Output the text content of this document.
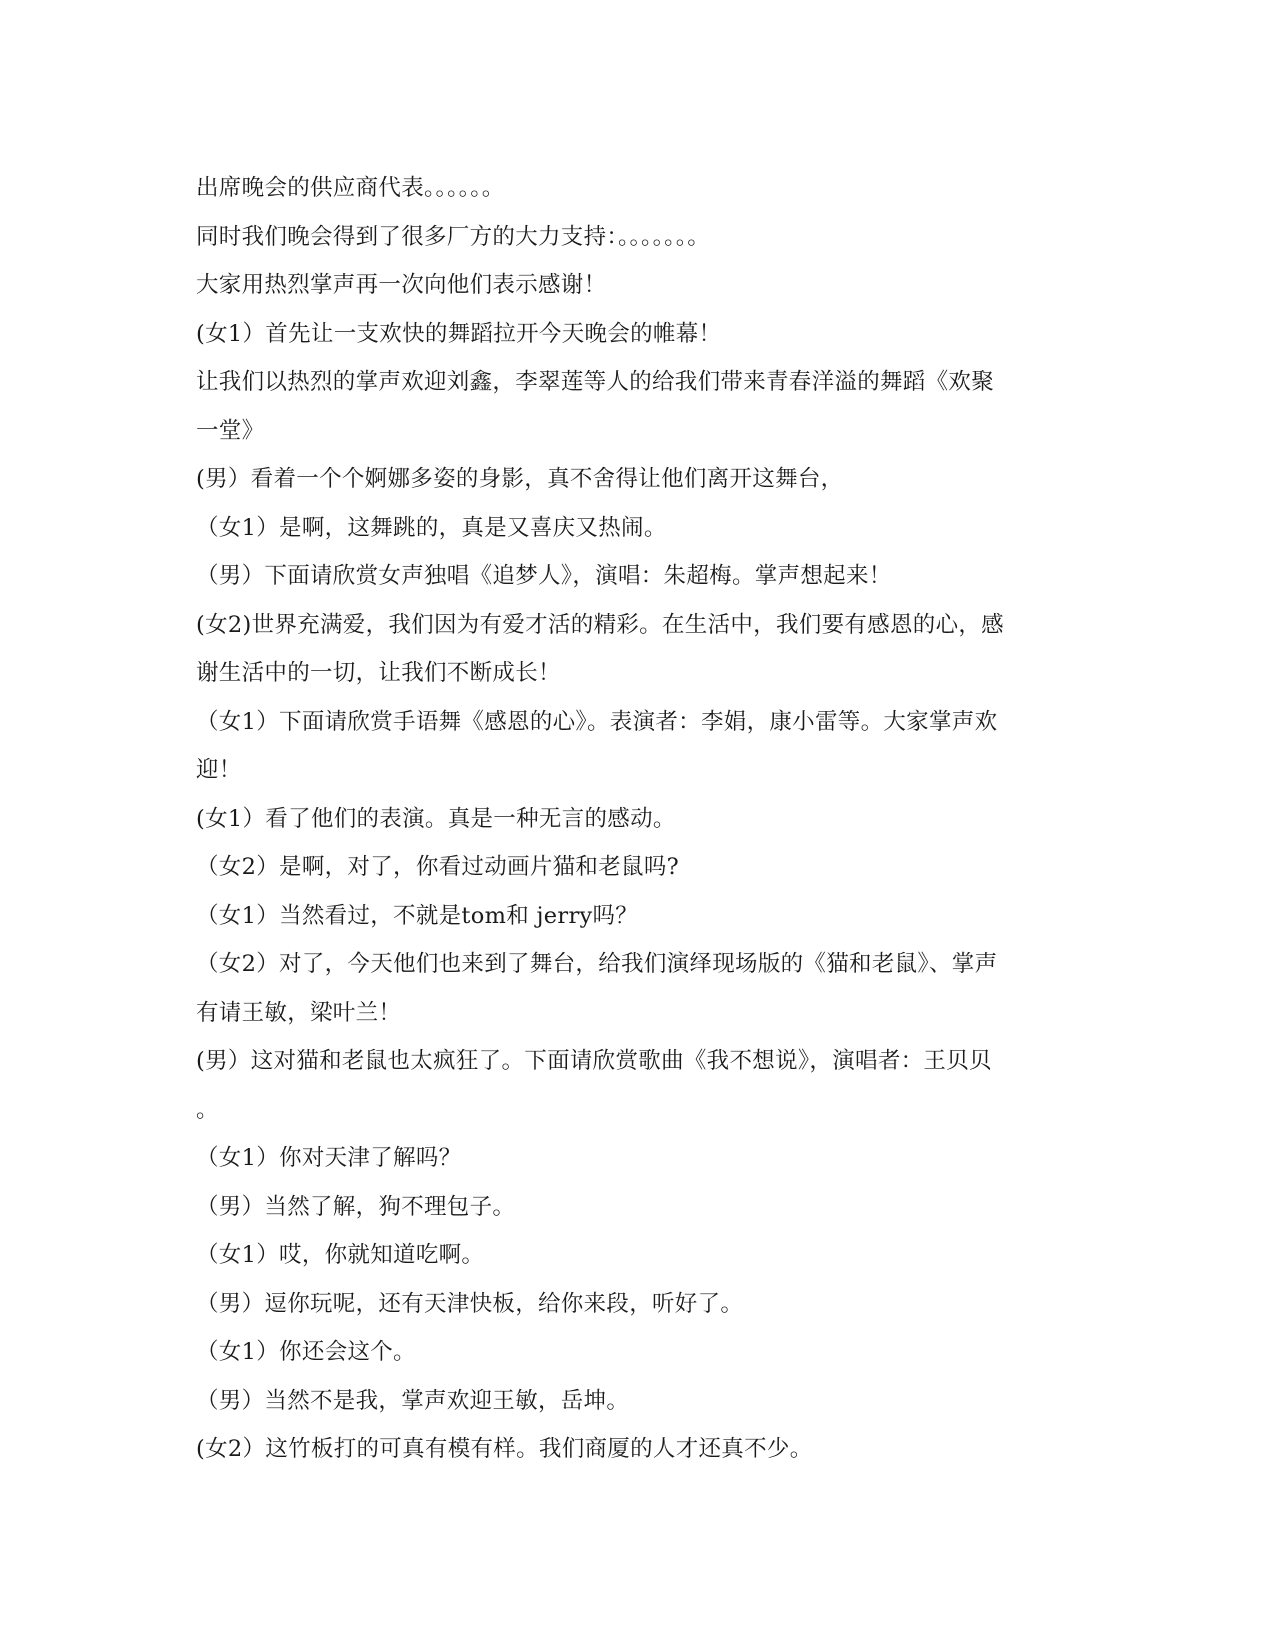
出席晚会的供应商代表。。。。。。
同时我们晚会得到了很多厂方的大力支持：。。。。。。。
大家用热烈掌声再一次向他们表示感谢！
(女1）首先让一支欢快的舞蹈拉开今天晚会的帷幕！
让我们以热烈的掌声欢迎刘鑫，李翠莲等人的给我们带来青春洋溢的舞蹈《欢聚
一堂》
(男）看着一个个婀娜多姿的身影，真不舍得让他们离开这舞台，
（女1）是啊，这舞跳的，真是又喜庆又热闹。
（男）下面请欣赏女声独唱《追梦人》，演唱：朱超梅。掌声想起来！
(女2)世界充满爱，我们因为有爱才活的精彩。在生活中，我们要有感恩的心，感
谢生活中的一切，让我们不断成长！
（女1）下面请欣赏手语舞《感恩的心》。表演者：李娟，康小雷等。大家掌声欢
迎！
(女1）看了他们的表演。真是一种无言的感动。
（女2）是啊，对了，你看过动画片猫和老鼠吗?
（女1）当然看过，不就是tom和 jerry吗？
（女2）对了，今天他们也来到了舞台，给我们演绎现场版的《猫和老鼠》、掌声
有请王敏，梁叶兰！
(男）这对猫和老鼠也太疯狂了。下面请欣赏歌曲《我不想说》，演唱者：王贝贝
。
（女1）你对天津了解吗？
（男）当然了解，狗不理包子。
（女1）哎，你就知道吃啊。
（男）逗你玩呢，还有天津快板，给你来段，听好了。
（女1）你还会这个。
（男）当然不是我，掌声欢迎王敏，岳坤。
(女2）这竹板打的可真有模有样。我们商厦的人才还真不少。
